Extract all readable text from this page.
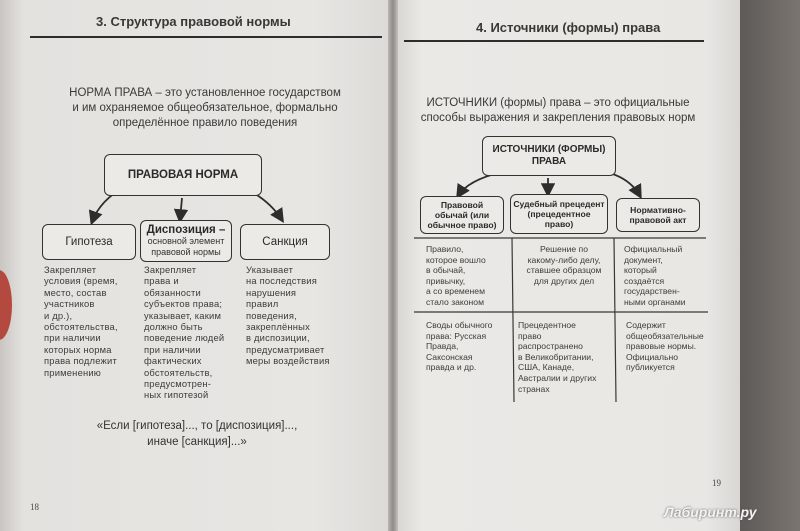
3. Структура правовой нормы
НОРМА ПРАВА – это установленное государством
и им охраняемое общеобязательное, формально
определённое правило поведения
ПРАВОВАЯ НОРМА
Гипотеза
Диспозиция –
основной элемент
правовой нормы
Санкция
Закрепляет
условия (время,
место, состав
участников
и др.),
обстоятельства,
при наличии
которых норма
права подлежит
применению
Закрепляет
права и
обязанности
субъектов права;
указывает, каким
должно быть
поведение людей
при наличии
фактических
обстоятельств,
предусмотрен-
ных гипотезой
Указывает
на последствия
нарушения
правил
поведения,
закреплённых
в диспозиции,
предусматривает
меры воздействия
«Если [гипотеза]..., то [диспозиция]...,
иначе [санкция]...»
18
4. Источники (формы) права
ИСТОЧНИКИ (формы) права – это официальные
способы выражения и закрепления правовых норм
ИСТОЧНИКИ (ФОРМЫ)
ПРАВА
Правовой
обычай (или
обычное право)
Судебный прецедент
(прецедентное
право)
Нормативно-
правовой акт
Правило,
которое вошло
в обычай,
привычку,
а со временем
стало законом
Решение по
какому-либо делу,
ставшее образцом
для других дел
Официальный
документ,
который
создаётся
государствен-
ными органами
Своды обычного
права: Русская
Правда,
Саксонская
правда и др.
Прецедентное
право
распространено
в Великобритании,
США, Канаде,
Австралии и других
странах
Содержит
общеобязательные
правовые нормы.
Официально
публикуется
19
Лабиринт.ру
